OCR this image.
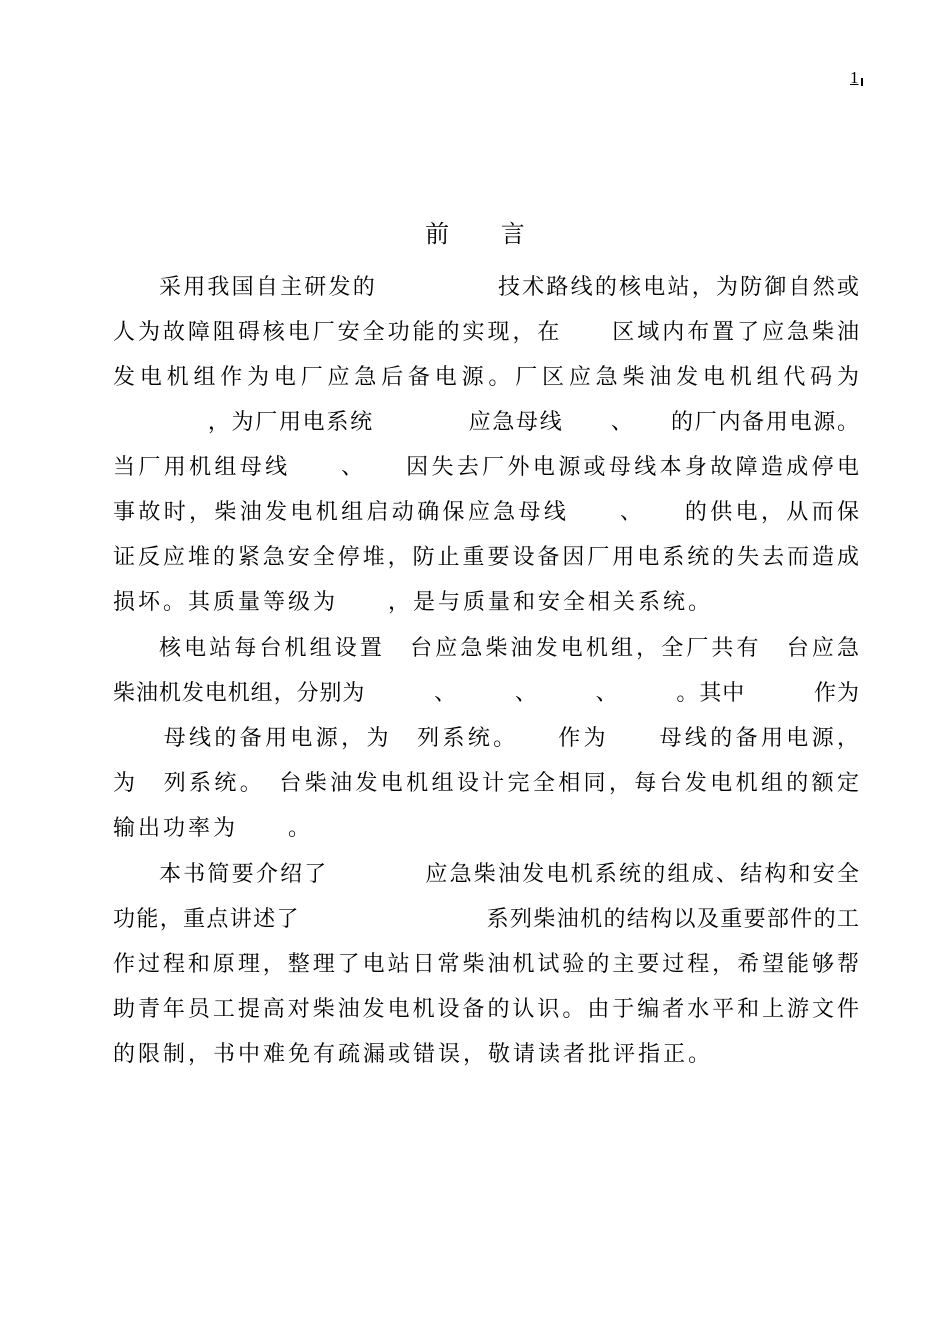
1
前 言
采用我国自主研发的　　　　　技术路线的核电站，为防御自然或
人为故障阻碍核电厂安全功能的实现，在　　区域内布置了应急柴油
发电机组作为电厂应急后备电源。厂区应急柴油发电机组代码为
　　　　，为厂用电系统　　　　应急母线　　、　　的厂内备用电源。
当厂用机组母线　　、　　因失去厂外电源或母线本身故障造成停电
事故时，柴油发电机组启动确保应急母线　　、　　的供电，从而保
证反应堆的紧急安全停堆，防止重要设备因厂用电系统的失去而造成
损坏。其质量等级为　　，是与质量和安全相关系统。
核电站每台机组设置　台应急柴油发电机组，全厂共有　台应急
柴油机发电机组，分别为　　　、　　　、　　　、　　　。其中　　　作为
　　母线的备用电源，为　列系统。　　作为　　母线的备用电源，
为　列系统。　台柴油发电机组设计完全相同，每台发电机组的额定
输出功率为　　。
本书简要介绍了　　　　应急柴油发电机系统的组成、结构和安全
功能，重点讲述了　　　　　　　　系列柴油机的结构以及重要部件的工
作过程和原理，整理了电站日常柴油机试验的主要过程，希望能够帮
助青年员工提高对柴油发电机设备的认识。由于编者水平和上游文件
的限制，书中难免有疏漏或错误，敬请读者批评指正。
